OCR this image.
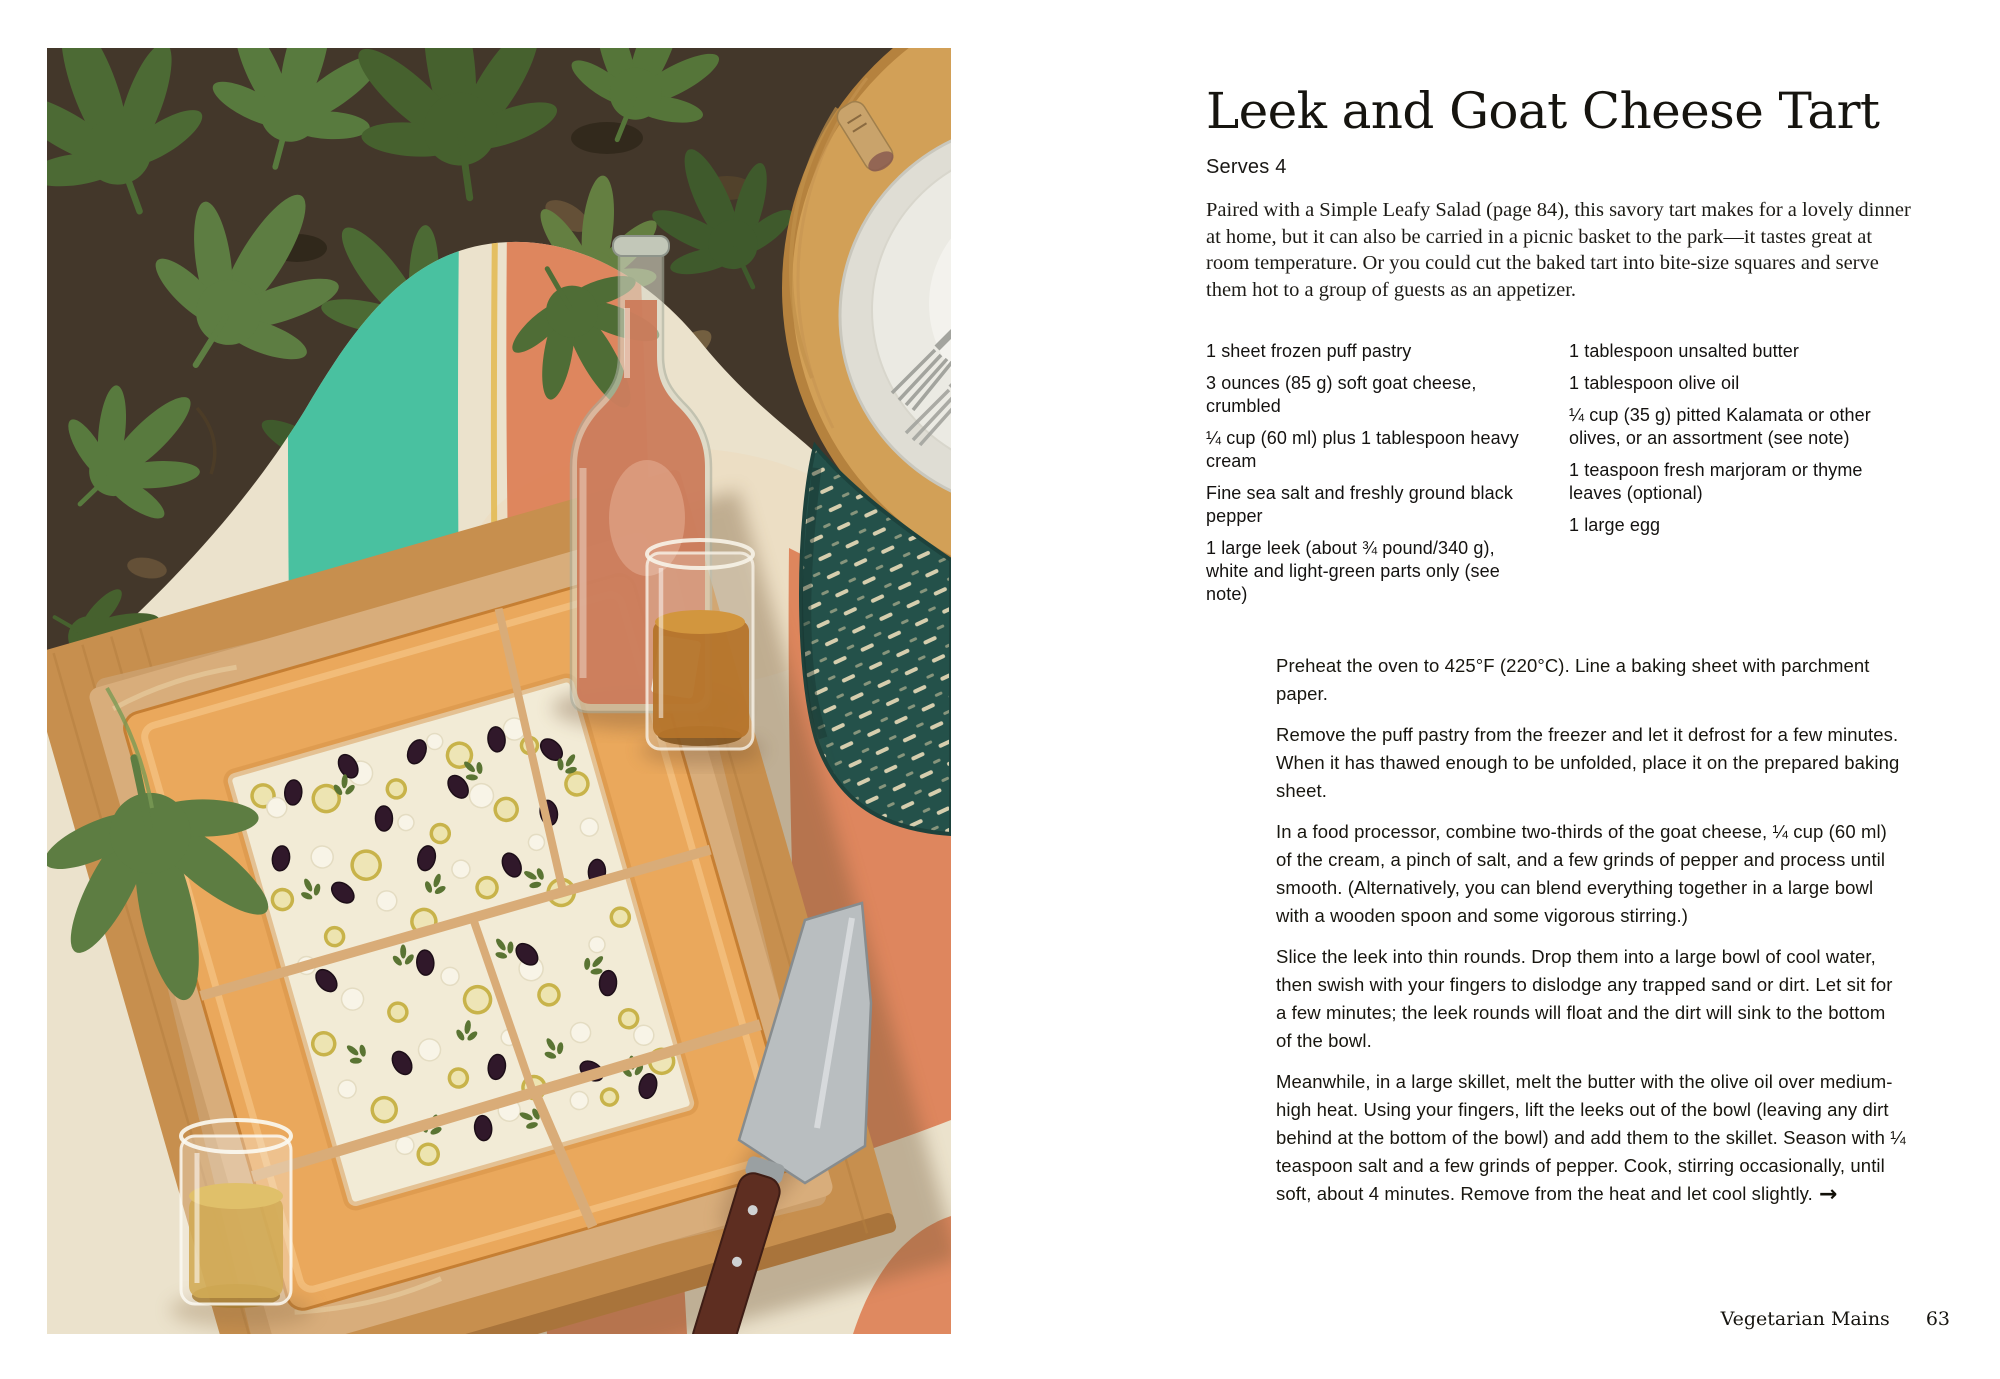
Leek and Goat Cheese Tart
Serves 4

Paired with a Simple Leafy Salad (page 84), this savory tart makes for a lovely dinner at home, but it can also be carried in a picnic basket to the park—it tastes great at room temperature. Or you could cut the baked tart into bite-size squares and serve them hot to a group of guests as an appetizer.

1 sheet frozen puff pastry
3 ounces (85 g) soft goat cheese, crumbled
¼ cup (60 ml) plus 1 tablespoon heavy cream
Fine sea salt and freshly ground black pepper
1 large leek (about ¾ pound/340 g), white and light-green parts only (see note)
1 tablespoon unsalted butter
1 tablespoon olive oil
¼ cup (35 g) pitted Kalamata or other olives, or an assortment (see note)
1 teaspoon fresh marjoram or thyme leaves (optional)
1 large egg

Preheat the oven to 425°F (220°C). Line a baking sheet with parchment paper.

Remove the puff pastry from the freezer and let it defrost for a few minutes. When it has thawed enough to be unfolded, place it on the prepared baking sheet.

In a food processor, combine two-thirds of the goat cheese, ¼ cup (60 ml) of the cream, a pinch of salt, and a few grinds of pepper and process until smooth. (Alternatively, you can blend everything together in a large bowl with a wooden spoon and some vigorous stirring.)

Slice the leek into thin rounds. Drop them into a large bowl of cool water, then swish with your fingers to dislodge any trapped sand or dirt. Let sit for a few minutes; the leek rounds will float and the dirt will sink to the bottom of the bowl.

Meanwhile, in a large skillet, melt the butter with the olive oil over medium-high heat. Using your fingers, lift the leeks out of the bowl (leaving any dirt behind at the bottom of the bowl) and add them to the skillet. Season with ¼ teaspoon salt and a few grinds of pepper. Cook, stirring occasionally, until soft, about 4 minutes. Remove from the heat and let cool slightly. →

Vegetarian Mains 63
